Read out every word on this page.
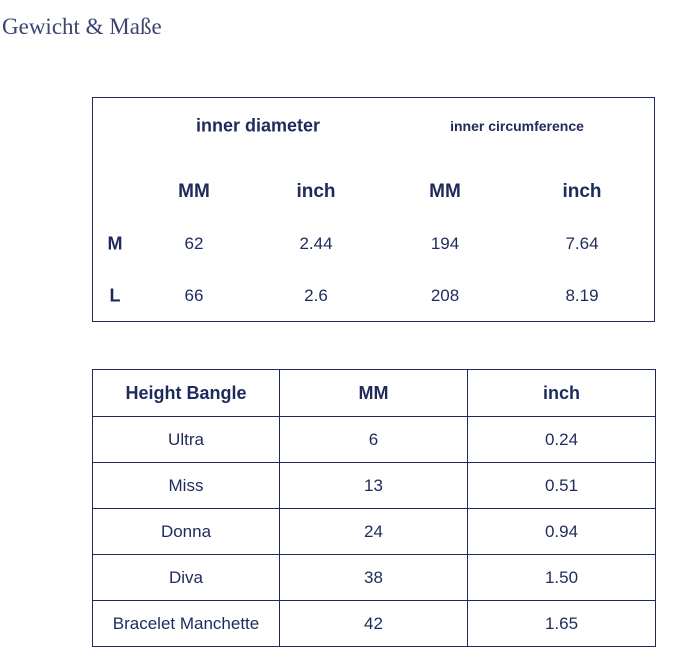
Gewicht & Maße
inner diameter	inner circumference
MM	inch	MM	inch
M	62	2.44	194	7.64
L	66	2.6	208	8.19
Height Bangle	MM	inch
Ultra	6	0.24
Miss	13	0.51
Donna	24	0.94
Diva	38	1.50
Bracelet Manchette	42	1.65
